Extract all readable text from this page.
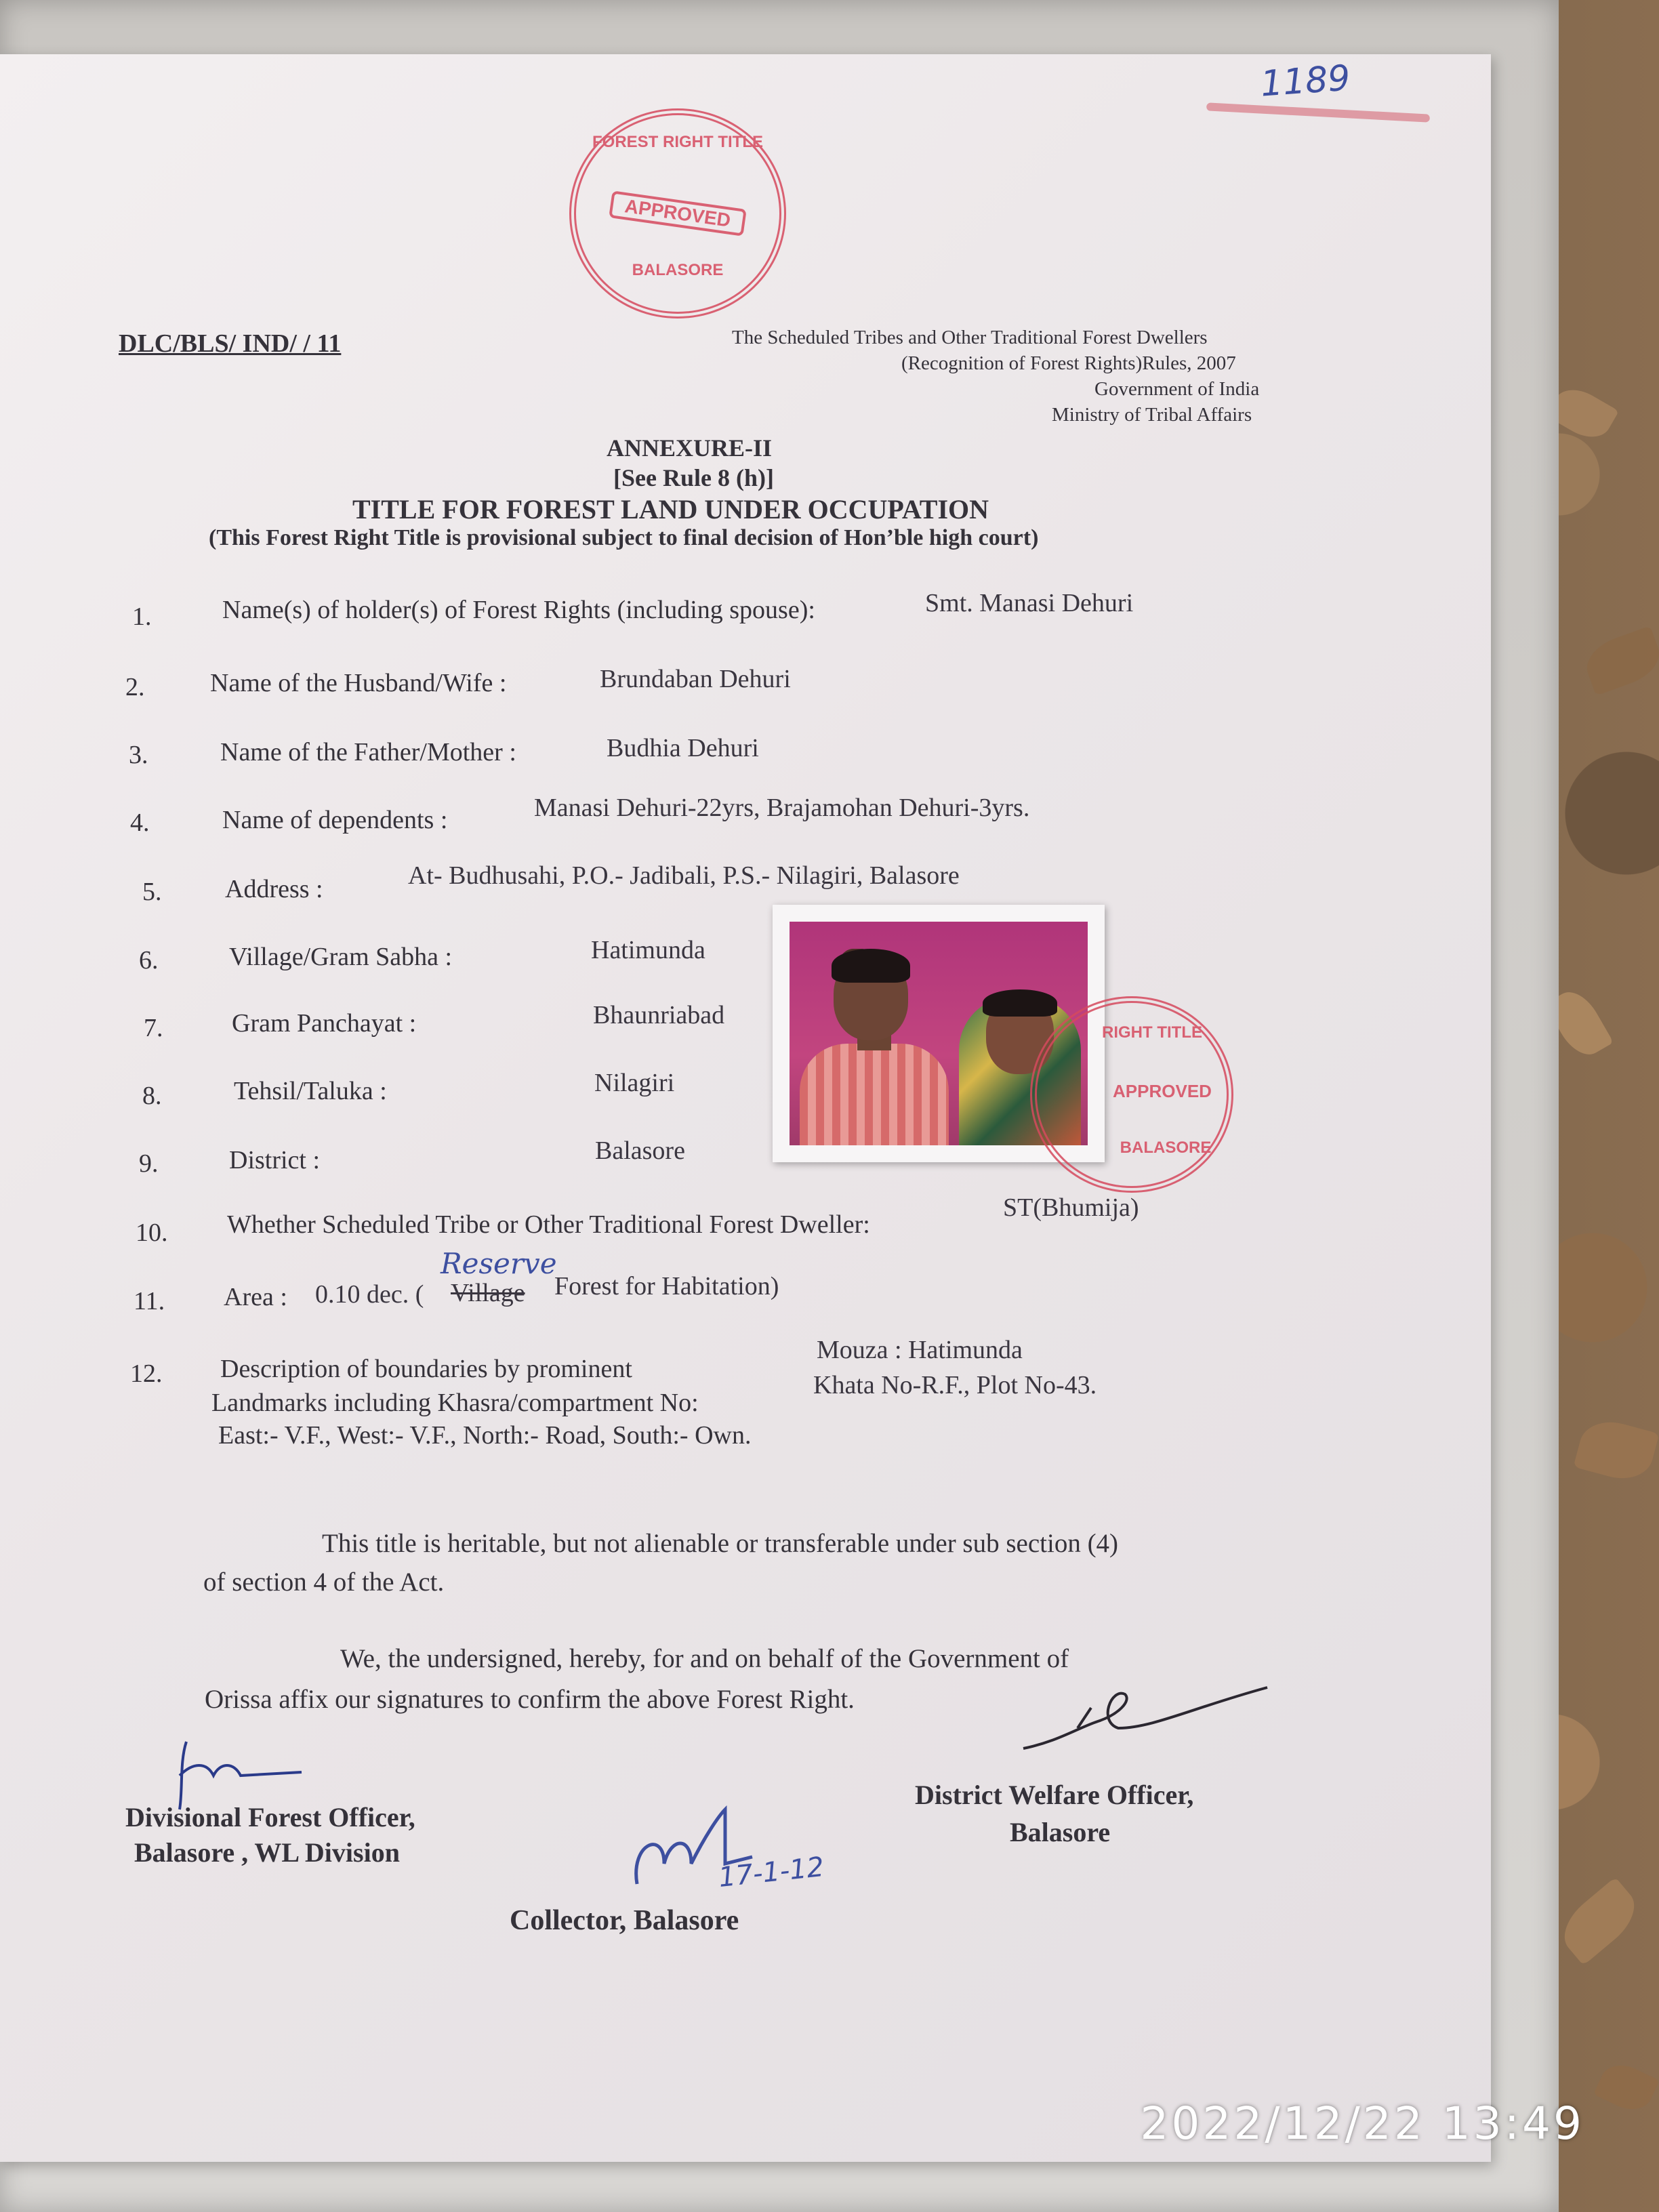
1189
FOREST RIGHT TITLE
APPROVED
BALASORE
DLC/BLS/ IND/ / 11	The Scheduled Tribes and Other Traditional Forest Dwellers
(Recognition of Forest Rights)Rules, 2007
Government of India
Ministry of Tribal Affairs
ANNEXURE-II
[See Rule 8 (h)]
TITLE FOR FOREST LAND UNDER OCCUPATION
(This Forest Right Title is provisional subject to final decision of Hon’ble high court)
1.	Name(s) of holder(s) of Forest Rights (including spouse):	Smt. Manasi Dehuri
2.	Name of the Husband/Wife :	Brundaban Dehuri
3.	Name of the Father/Mother :	Budhia Dehuri
4.	Name of dependents :	Manasi Dehuri-22yrs, Brajamohan Dehuri-3yrs.
5. Address :	At- Budhusahi, P.O.- Jadibali, P.S.- Nilagiri, Balasore
6.	Village/Gram Sabha :	Hatimunda
7.	Gram Panchayat :	Bhaunriabad
8.	Tehsil/Taluka :	Nilagiri
9.	District :	Balasore
RIGHT TITLE
APPROVED
BALASORE
10. Whether Scheduled Tribe or Other Traditional Forest Dweller:
ST(Bhumija)
11. Area : 0.10 dec. ( Village Forest for Habitation)
Reserve
12. Description of boundaries by prominent
Mouza : Hatimunda
Landmarks including Khasra/compartment No:
Khata No-R.F., Plot No-43.
East:- V.F., West:- V.F., North:- Road, South:- Own.
This title is heritable, but not alienable or transferable under sub section (4)
of section 4 of the Act.
We, the undersigned, hereby, for and on behalf of the Government of
Orissa affix our signatures to confirm the above Forest Right.
Divisional Forest Officer,
Balasore , WL Division
District Welfare Officer,
Balasore
17-1-12
Collector, Balasore
2022/12/22 13:49
